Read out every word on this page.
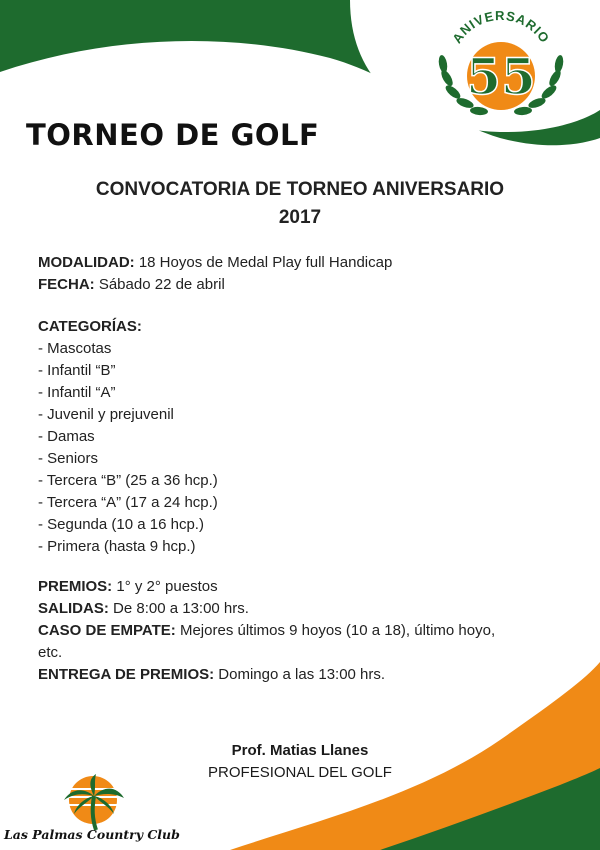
ANIVERSARIO
55
TORNEO DE GOLF
CONVOCATORIA DE TORNEO ANIVERSARIO
2017
MODALIDAD: 18 Hoyos de Medal Play full Handicap
FECHA: Sábado 22 de abril
CATEGORÍAS:
- Mascotas
- Infantil “B”
- Infantil “A”
- Juvenil y prejuvenil
- Damas
- Seniors
- Tercera “B” (25 a 36 hcp.)
- Tercera “A” (17 a 24 hcp.)
- Segunda (10 a 16 hcp.)
- Primera (hasta 9 hcp.)
PREMIOS: 1° y 2° puestos
SALIDAS: De 8:00 a 13:00 hrs.
CASO DE EMPATE: Mejores últimos 9 hoyos (10 a 18), último hoyo,
etc.
ENTREGA DE PREMIOS: Domingo a las 13:00 hrs.
Prof. Matias Llanes
PROFESIONAL DEL GOLF
Las Palmas Country Club
